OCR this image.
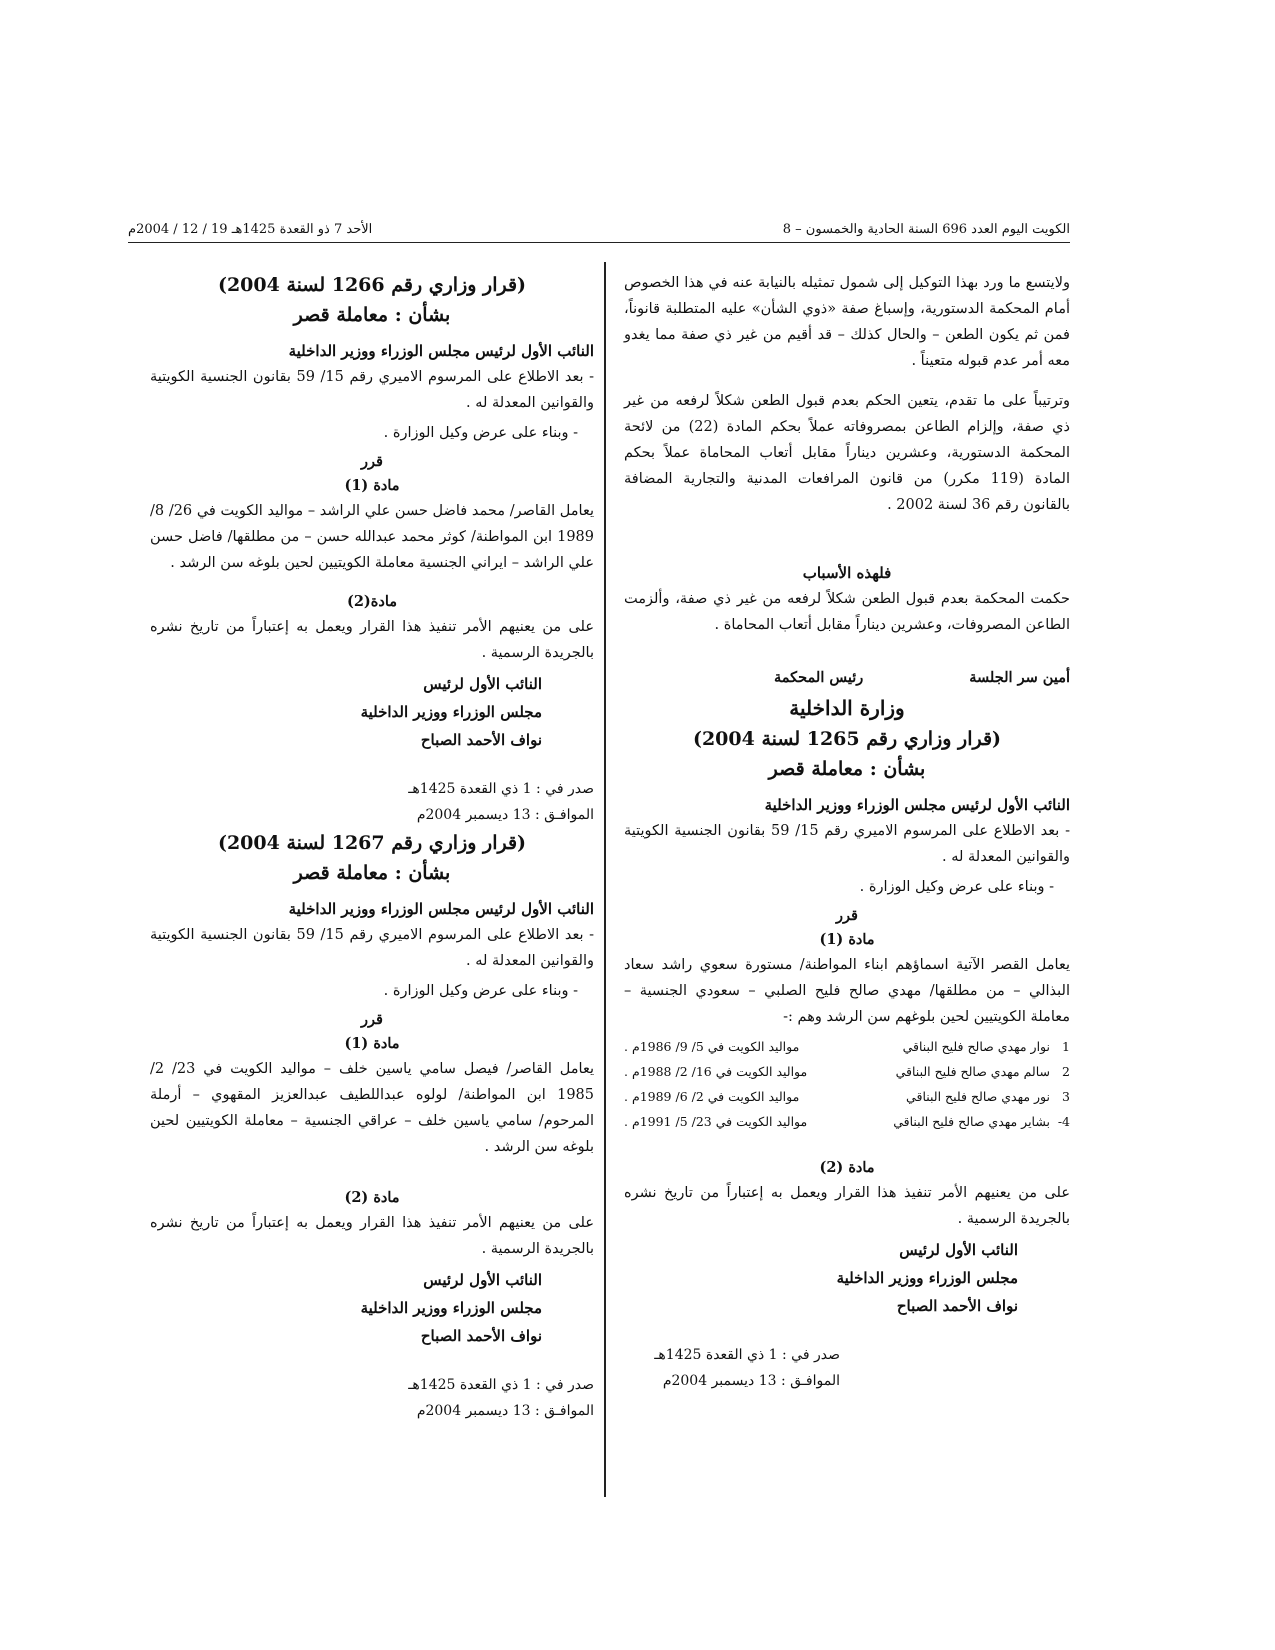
الكويت اليوم العدد 696 السنة الحادية والخمسون – 8
الأحد 7 ذو القعدة 1425هـ 19 / 12 / 2004م

ولايتسع ما ورد بهذا التوكيل إلى شمول تمثيله بالنيابة عنه في هذا الخصوص أمام المحكمة الدستورية، وإسباغ صفة «ذوي الشأن» عليه المتطلبة قانوناً، فمن ثم يكون الطعن – والحال كذلك – قد أقيم من غير ذي صفة مما يغدو معه أمر عدم قبوله متعيناً .

وترتيباً على ما تقدم، يتعين الحكم بعدم قبول الطعن شكلاً لرفعه من غير ذي صفة، وإلزام الطاعن بمصروفاته عملاً بحكم المادة (22) من لائحة المحكمة الدستورية، وعشرين ديناراً مقابل أتعاب المحاماة عملاً بحكم المادة (119 مكرر) من قانون المرافعات المدنية والتجارية المضافة بالقانون رقم 36 لسنة 2002 .

فلهذه الأسباب

حكمت المحكمة بعدم قبول الطعن شكلاً لرفعه من غير ذي صفة، وألزمت الطاعن المصروفات، وعشرين ديناراً مقابل أتعاب المحاماة .

أمين سر الجلسة
رئيس المحكمة
وزارة الداخلية
(قرار وزاري رقم 1265 لسنة 2004)
بشأن : معاملة قصر
النائب الأول لرئيس مجلس الوزراء ووزير الداخلية

- بعد الاطلاع على المرسوم الاميري رقم 15/ 59 بقانون الجنسية الكويتية والقوانين المعدلة له .

- وبناء على عرض وكيل الوزارة .

قرر
مادة (1)

يعامل القصر الآتية اسماؤهم ابناء المواطنة/ مستورة سعوي راشد سعاد البذالي – من مطلقها/ مهدي صالح فليح الصلبي – سعودي الجنسية – معاملة الكويتيين لحين بلوغهم سن الرشد وهم :-

1	نوار مهدي صالح فليح البناقي	مواليد الكويت في 5/ 9/ 1986م .
2	سالم مهدي صالح فليح البناقي	مواليد الكويت في 16/ 2/ 1988م .
3	نور مهدي صالح فليح البناقي	مواليد الكويت في 2/ 6/ 1989م .
4-	بشاير مهدي صالح فليح البناقي	مواليد الكويت في 23/ 5/ 1991م .
مادة (2)

على من يعنيهم الأمر تنفيذ هذا القرار ويعمل به إعتباراً من تاريخ نشره بالجريدة الرسمية .

النائب الأول لرئيس
مجلس الوزراء ووزير الداخلية
نواف الأحمد الصباح
صدر في : 1 ذي القعدة 1425هـ
الموافـق : 13 ديسمبر 2004م
(قرار وزاري رقم 1266 لسنة 2004)
بشأن : معاملة قصر
النائب الأول لرئيس مجلس الوزراء ووزير الداخلية

- بعد الاطلاع على المرسوم الاميري رقم 15/ 59 بقانون الجنسية الكويتية والقوانين المعدلة له .

- وبناء على عرض وكيل الوزارة .

قرر
مادة (1)

يعامل القاصر/ محمد فاضل حسن علي الراشد – مواليد الكويت في 26/ 8/ 1989 ابن المواطنة/ كوثر محمد عبدالله حسن – من مطلقها/ فاضل حسن علي الراشد – ايراني الجنسية معاملة الكويتيين لحين بلوغه سن الرشد .

مادة(2)

على من يعنيهم الأمر تنفيذ هذا القرار ويعمل به إعتباراً من تاريخ نشره بالجريدة الرسمية .

النائب الأول لرئيس
مجلس الوزراء ووزير الداخلية
نواف الأحمد الصباح
صدر في : 1 ذي القعدة 1425هـ
الموافـق : 13 ديسمبر 2004م
(قرار وزاري رقم 1267 لسنة 2004)
بشأن : معاملة قصر
النائب الأول لرئيس مجلس الوزراء ووزير الداخلية

- بعد الاطلاع على المرسوم الاميري رقم 15/ 59 بقانون الجنسية الكويتية والقوانين المعدلة له .

- وبناء على عرض وكيل الوزارة .

قرر
مادة (1)

يعامل القاصر/ فيصل سامي ياسين خلف – مواليد الكويت في 23/ 2/ 1985 ابن المواطنة/ لولوه عبداللطيف عبدالعزيز المقهوي – أرملة المرحوم/ سامي ياسين خلف – عراقي الجنسية – معاملة الكويتيين لحين بلوغه سن الرشد .

مادة (2)

على من يعنيهم الأمر تنفيذ هذا القرار ويعمل به إعتباراً من تاريخ نشره بالجريدة الرسمية .

النائب الأول لرئيس
مجلس الوزراء ووزير الداخلية
نواف الأحمد الصباح
صدر في : 1 ذي القعدة 1425هـ
الموافـق : 13 ديسمبر 2004م
